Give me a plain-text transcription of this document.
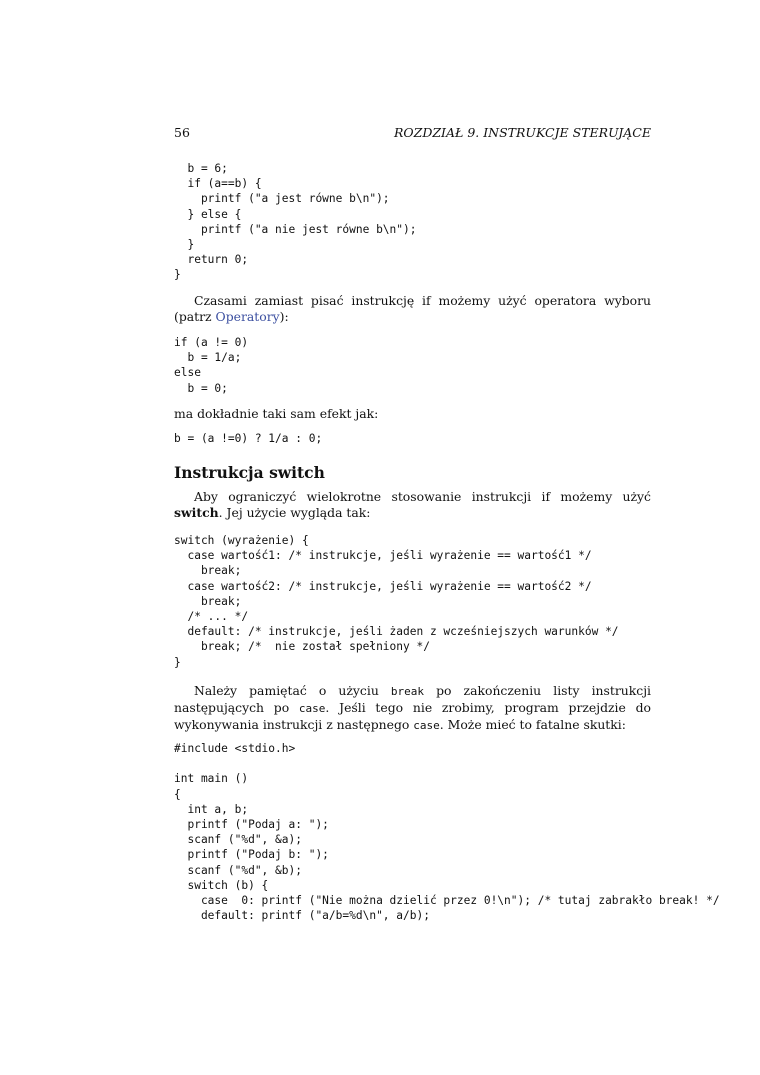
56	ROZDZIAŁ 9. INSTRUKCJE STERUJĄCE
b = 6;
if (a==b) {
printf ("a jest równe b\n");
} else {
printf ("a nie jest równe b\n");
}
return 0;
}

Czasami zamiast pisać instrukcję if możemy użyć operatora wyboru (patrz Operatory):

if (a != 0)
b = 1/a;
else
b = 0;

ma dokładnie taki sam efekt jak:

b = (a !=0) ? 1/a : 0;
Instrukcja switch

Aby ograniczyć wielokrotne stosowanie instrukcji if możemy użyć switch. Jej użycie wygląda tak:

switch (wyrażenie) {
case wartość1: /* instrukcje, jeśli wyrażenie == wartość1 */
break;
case wartość2: /* instrukcje, jeśli wyrażenie == wartość2 */
break;
/* ... */
default: /* instrukcje, jeśli żaden z wcześniejszych warunków */
break; /*  nie został spełniony */
}

Należy pamiętać o użyciu break po zakończeniu listy instrukcji następujących po case. Jeśli tego nie zrobimy, program przejdzie do wykonywania instrukcji z następnego case. Może mieć to fatalne skutki:

#include <stdio.h>

int main ()
{
int a, b;
printf ("Podaj a: ");
scanf ("%d", &a);
printf ("Podaj b: ");
scanf ("%d", &b);
switch (b) {
case  0: printf ("Nie można dzielić przez 0!\n"); /* tutaj zabrakło break! */
default: printf ("a/b=%d\n", a/b);
